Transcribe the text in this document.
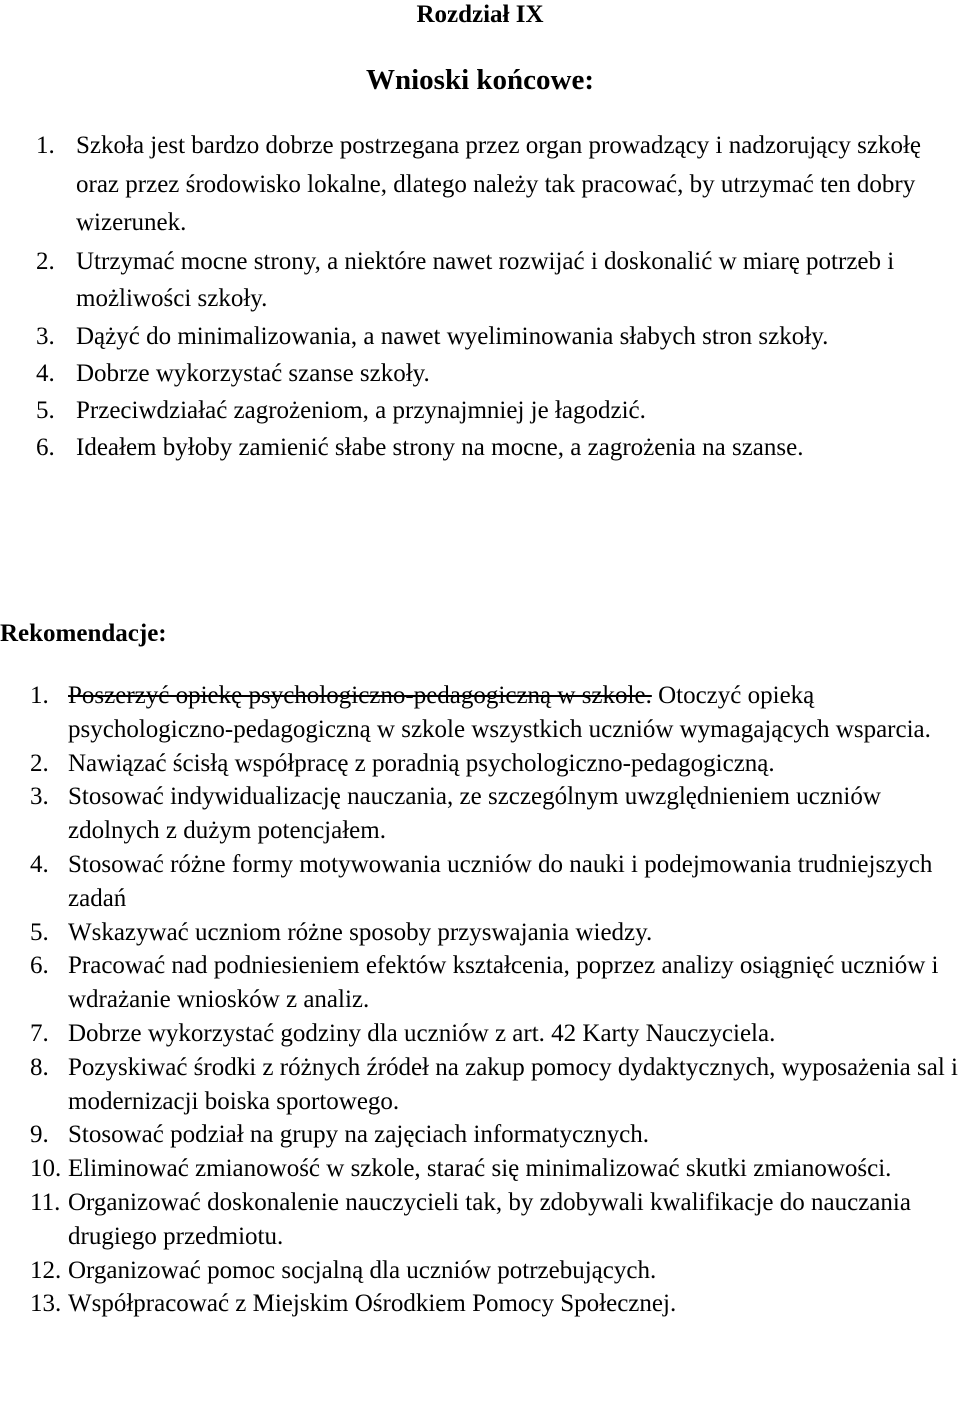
Rozdział IX
Wnioski końcowe:
1. Szkoła jest bardzo dobrze postrzegana przez organ prowadzący i nadzorujący szkołę oraz przez środowisko lokalne, dlatego należy tak pracować, by utrzymać ten dobry wizerunek.
2. Utrzymać mocne strony, a niektóre nawet rozwijać i doskonalić w miarę potrzeb i możliwości szkoły.
3. Dążyć do minimalizowania, a nawet wyeliminowania słabych stron szkoły.
4. Dobrze wykorzystać szanse szkoły.
5. Przeciwdziałać zagrożeniom, a przynajmniej je łagodzić.
6. Ideałem byłoby zamienić słabe strony na mocne, a zagrożenia na szanse.
Rekomendacje:
1. Poszerzyć opiekę psychologiczno-pedagogiczną w szkole. Otoczyć opieką psychologiczno-pedagogiczną w szkole wszystkich uczniów wymagających wsparcia.
2. Nawiązać ścisłą współpracę z poradnią psychologiczno-pedagogiczną.
3. Stosować indywidualizację nauczania, ze szczególnym uwzględnieniem uczniów zdolnych z dużym potencjałem.
4. Stosować różne formy motywowania uczniów do nauki i podejmowania trudniejszych zadań
5. Wskazywać uczniom różne sposoby przyswajania wiedzy.
6. Pracować nad podniesieniem efektów kształcenia, poprzez analizy osiągnięć uczniów i wdrażanie wniosków z analiz.
7. Dobrze wykorzystać godziny dla uczniów z art. 42 Karty Nauczyciela.
8. Pozyskiwać środki z różnych źródeł na zakup pomocy dydaktycznych, wyposażenia sal i modernizacji boiska sportowego.
9. Stosować podział na grupy na zajęciach informatycznych.
10. Eliminować zmianowość w szkole, starać się minimalizować skutki zmianowości.
11. Organizować doskonalenie nauczycieli tak, by zdobywali kwalifikacje do nauczania drugiego przedmiotu.
12. Organizować pomoc socjalną dla uczniów potrzebujących.
13. Współpracować z Miejskim Ośrodkiem Pomocy Społecznej.
